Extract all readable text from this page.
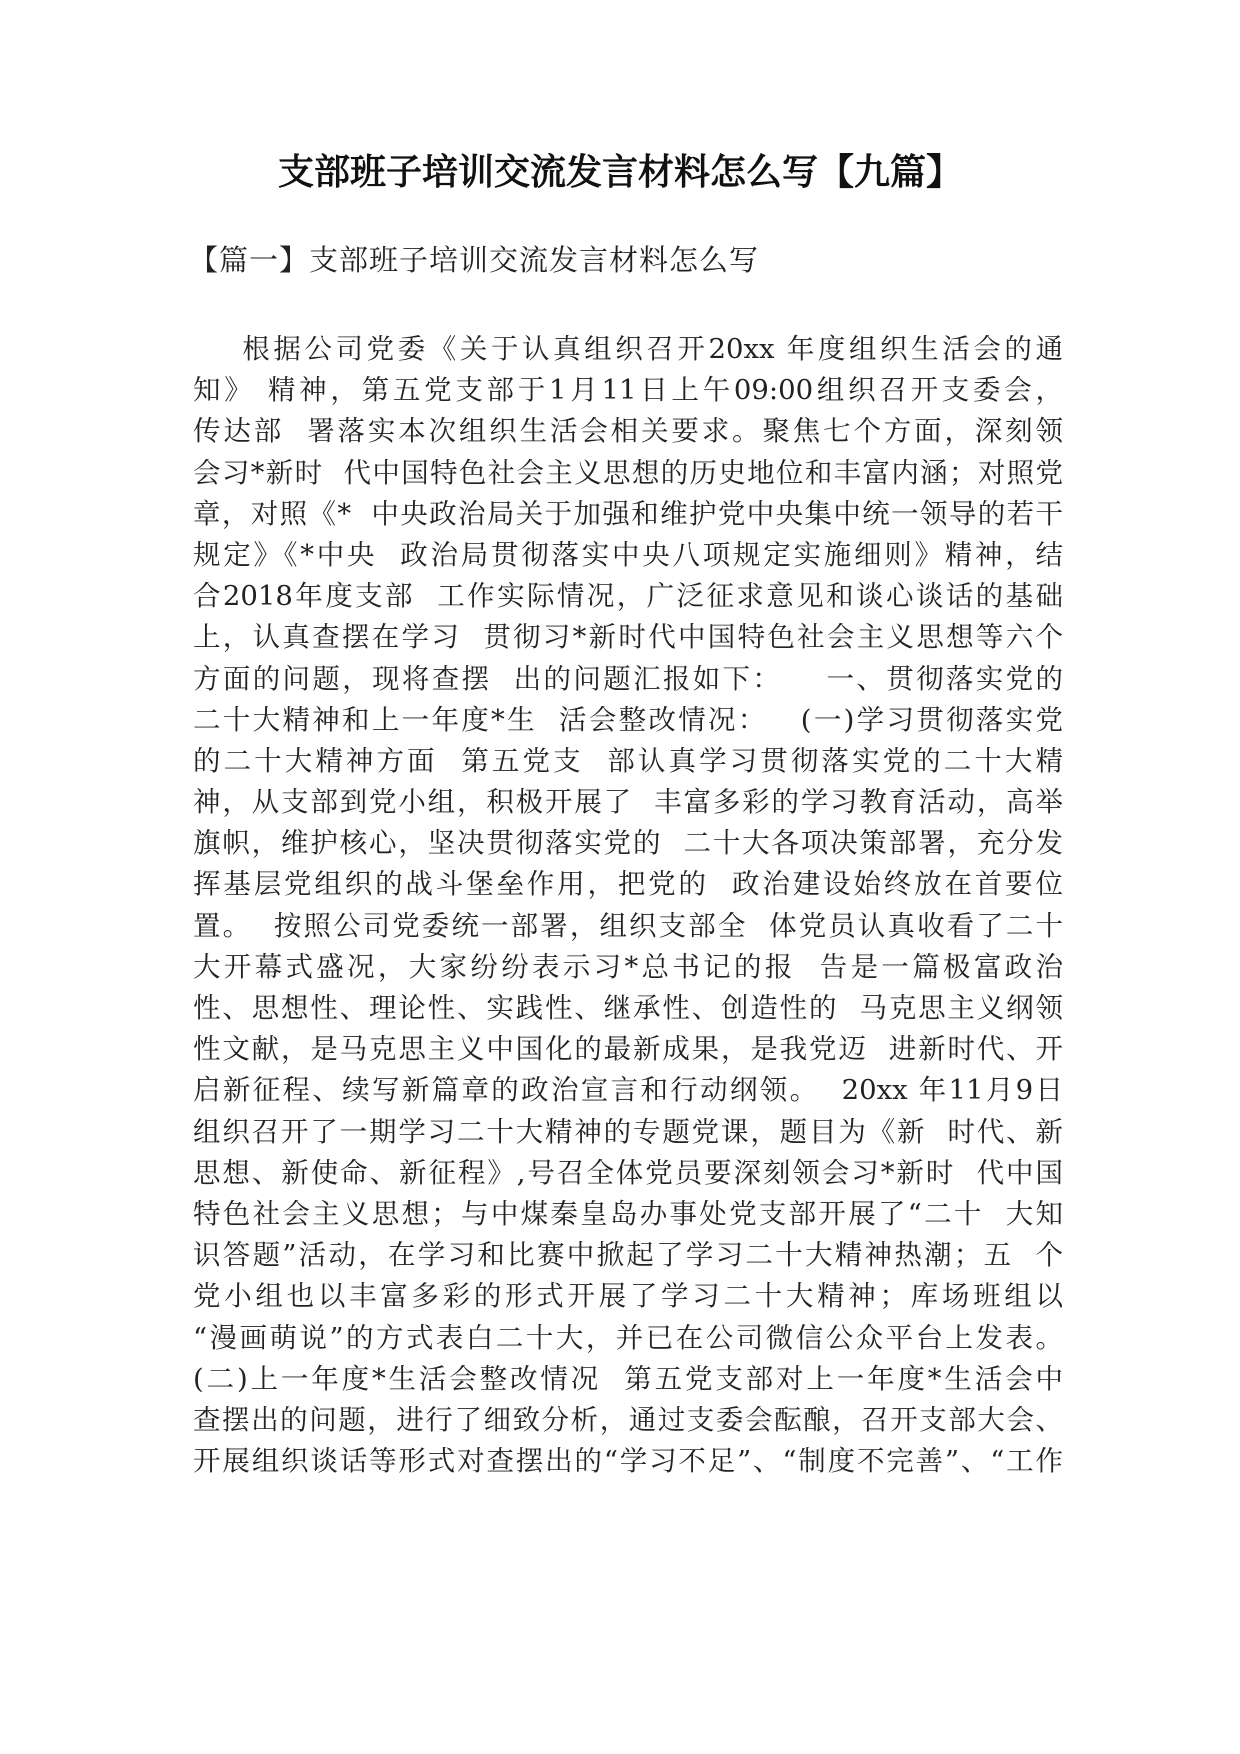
支部班子培训交流发言材料怎么写【九篇】
【篇一】支部班子培训交流发言材料怎么写
根据公司党委《关于认真组织召开20xx 年度组织生活会的通
知》 精神，第五党支部于1月11日上午09:00组织召开支委会，
传达部  署落实本次组织生活会相关要求。聚焦七个方面，深刻领
会习*新时  代中国特色社会主义思想的历史地位和丰富内涵；对照党
章，对照《*  中央政治局关于加强和维护党中央集中统一领导的若干
规定》《*中央  政治局贯彻落实中央八项规定实施细则》精神，结
合2018年度支部  工作实际情况，广泛征求意见和谈心谈话的基础
上，认真查摆在学习  贯彻习*新时代中国特色社会主义思想等六个
方面的问题，现将查摆  出的问题汇报如下：    一、贯彻落实党的
二十大精神和上一年度*生  活会整改情况：   (一)学习贯彻落实党
的二十大精神方面  第五党支  部认真学习贯彻落实党的二十大精
神，从支部到党小组，积极开展了  丰富多彩的学习教育活动，高举
旗帜，维护核心，坚决贯彻落实党的  二十大各项决策部署，充分发
挥基层党组织的战斗堡垒作用，把党的  政治建设始终放在首要位
置。  按照公司党委统一部署，组织支部全  体党员认真收看了二十
大开幕式盛况，大家纷纷表示习*总书记的报  告是一篇极富政治
性、思想性、理论性、实践性、继承性、创造性的  马克思主义纲领
性文献，是马克思主义中国化的最新成果，是我党迈  进新时代、开
启新征程、续写新篇章的政治宣言和行动纲领。  20xx 年11月9日
组织召开了一期学习二十大精神的专题党课，题目为《新  时代、新
思想、新使命、新征程》,号召全体党员要深刻领会习*新时  代中国
特色社会主义思想；与中煤秦皇岛办事处党支部开展了“二十  大知
识答题”活动，在学习和比赛中掀起了学习二十大精神热潮；五  个
党小组也以丰富多彩的形式开展了学习二十大精神；库场班组以
“漫画萌说”的方式表白二十大，并已在公司微信公众平台上发表。
(二)上一年度*生活会整改情况  第五党支部对上一年度*生活会中
查摆出的问题，进行了细致分析，通过支委会酝酿，召开支部大会、
开展组织谈话等形式对查摆出的“学习不足”、“制度不完善”、“工作
